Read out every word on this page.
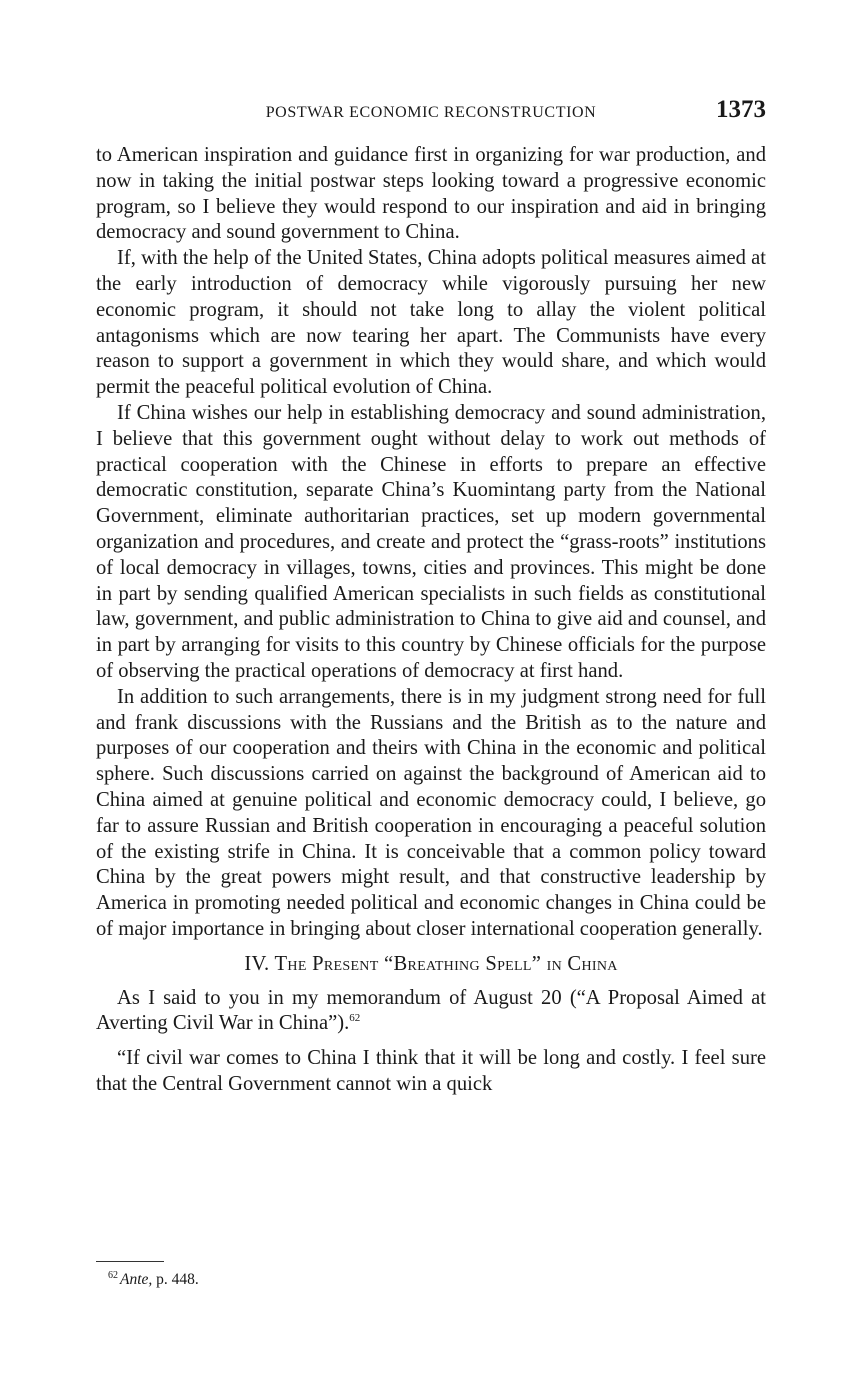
POSTWAR ECONOMIC RECONSTRUCTION	1373

to American inspiration and guidance first in organizing for war production, and now in taking the initial postwar steps looking toward a progressive economic program, so I believe they would respond to our inspiration and aid in bringing democracy and sound government to China.

If, with the help of the United States, China adopts political measures aimed at the early introduction of democracy while vigorously pursuing her new economic program, it should not take long to allay the violent political antagonisms which are now tearing her apart. The Communists have every reason to support a government in which they would share, and which would permit the peaceful political evolution of China.

If China wishes our help in establishing democracy and sound administration, I believe that this government ought without delay to work out methods of practical cooperation with the Chinese in efforts to prepare an effective democratic constitution, separate China’s Kuomintang party from the National Government, eliminate authoritarian practices, set up modern governmental organization and procedures, and create and protect the “grass-roots” institutions of local democracy in villages, towns, cities and provinces. This might be done in part by sending qualified American specialists in such fields as constitutional law, government, and public administration to China to give aid and counsel, and in part by arranging for visits to this country by Chinese officials for the purpose of observing the practical operations of democracy at first hand.

In addition to such arrangements, there is in my judgment strong need for full and frank discussions with the Russians and the British as to the nature and purposes of our cooperation and theirs with China in the economic and political sphere. Such discussions carried on against the background of American aid to China aimed at genuine political and economic democracy could, I believe, go far to assure Russian and British cooperation in encouraging a peaceful solution of the existing strife in China. It is conceivable that a common policy toward China by the great powers might result, and that constructive leadership by America in promoting needed political and economic changes in China could be of major importance in bringing about closer international cooperation generally.

IV. The Present “Breathing Spell” in China

As I said to you in my memorandum of August 20 (“A Proposal Aimed at Averting Civil War in China”).$^{62}$

“If civil war comes to China I think that it will be long and costly. I feel sure that the Central Government cannot win a quick

$^{62}$ Ante, p. 448.
